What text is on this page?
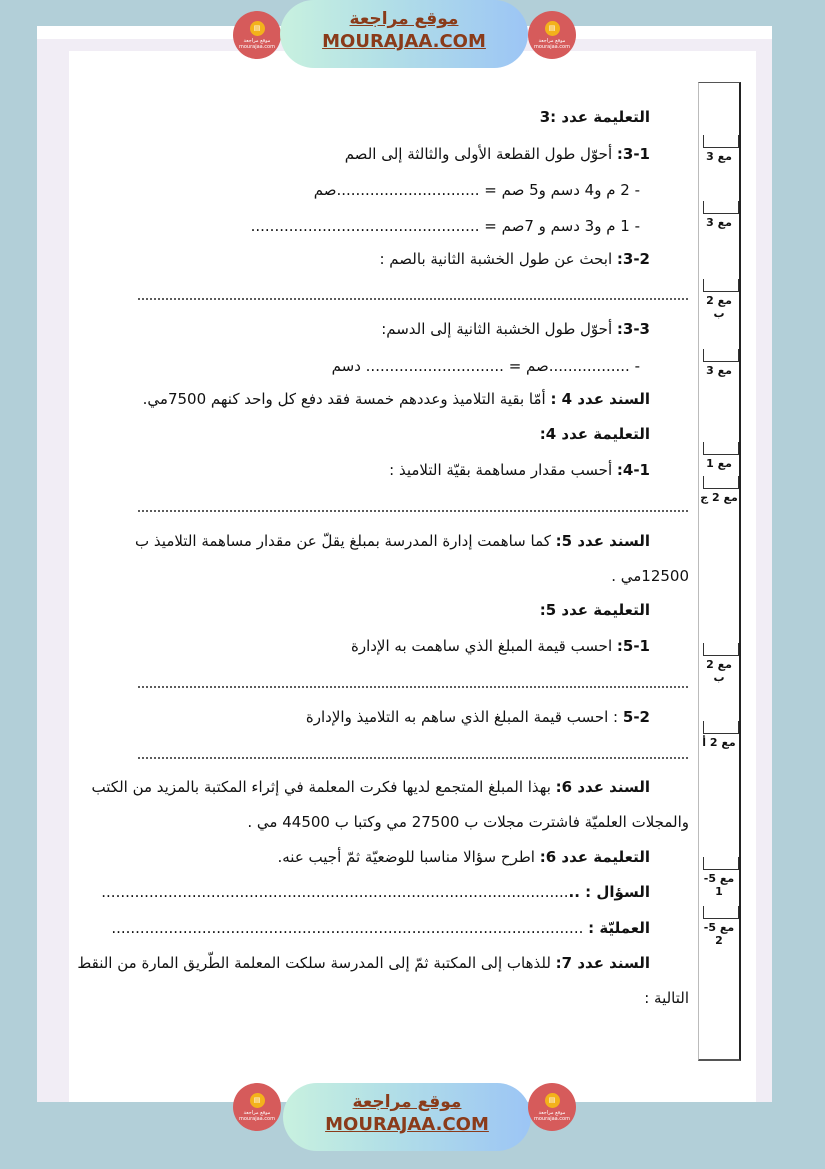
▤
موقع مراجعة
mourajaa.com
موقع مراجعة
MOURAJAA.COM
▤
موقع مراجعة
mourajaa.com
مع 3
مع 3
مع 2 ب
مع 3
مع 1
مع 2 ج
مع 2 ب
مع 2 أ
مع 5-1
مع 5-2
التعليمة عدد :3
3-1: أحوّل طول القطعة الأولى والثالثة إلى الصم
- 2 م و4 دسم و5 صم = ..............................صم
- 1 م و3 دسم و 7صم = ................................................
3-2: ابحث عن طول الخشبة الثانية بالصم :
3-3: أحوّل طول الخشبة الثانية إلى الدسم:
- .................صم = ............................. دسم
السند عدد 4 : أمّا بقية التلاميذ وعددهم خمسة فقد دفع كل واحد كنهم 7500مي.
التعليمة عدد 4:
4-1: أحسب مقدار مساهمة بقيّة التلاميذ :
السند عدد 5: كما ساهمت إدارة المدرسة بمبلغ يقلّ عن مقدار مساهمة التلاميذ ب
12500مي .
التعليمة عدد 5:
5-1: احسب قيمة المبلغ الذي ساهمت به الإدارة
5-2 : احسب قيمة المبلغ الذي ساهم به التلاميذ والإدارة
السند عدد 6: بهذا المبلغ المتجمع لديها فكرت المعلمة في إثراء المكتبة بالمزيد من الكتب
والمجلات العلميّة فاشترت مجلات ب 27500 مي وكتبا ب 44500 مي .
التعليمة عدد 6: اطرح سؤالا مناسبا للوضعيّة ثمّ أجيب عنه.
السؤال : ....................................................................................................
العمليّة : ...................................................................................................
السند عدد 7: للذهاب إلى المكتبة ثمّ إلى المدرسة سلكت المعلمة الطّريق المارة من النقط
التالية :
▤
موقع مراجعة
mourajaa.com
موقع مراجعة
MOURAJAA.COM
▤
موقع مراجعة
mourajaa.com
